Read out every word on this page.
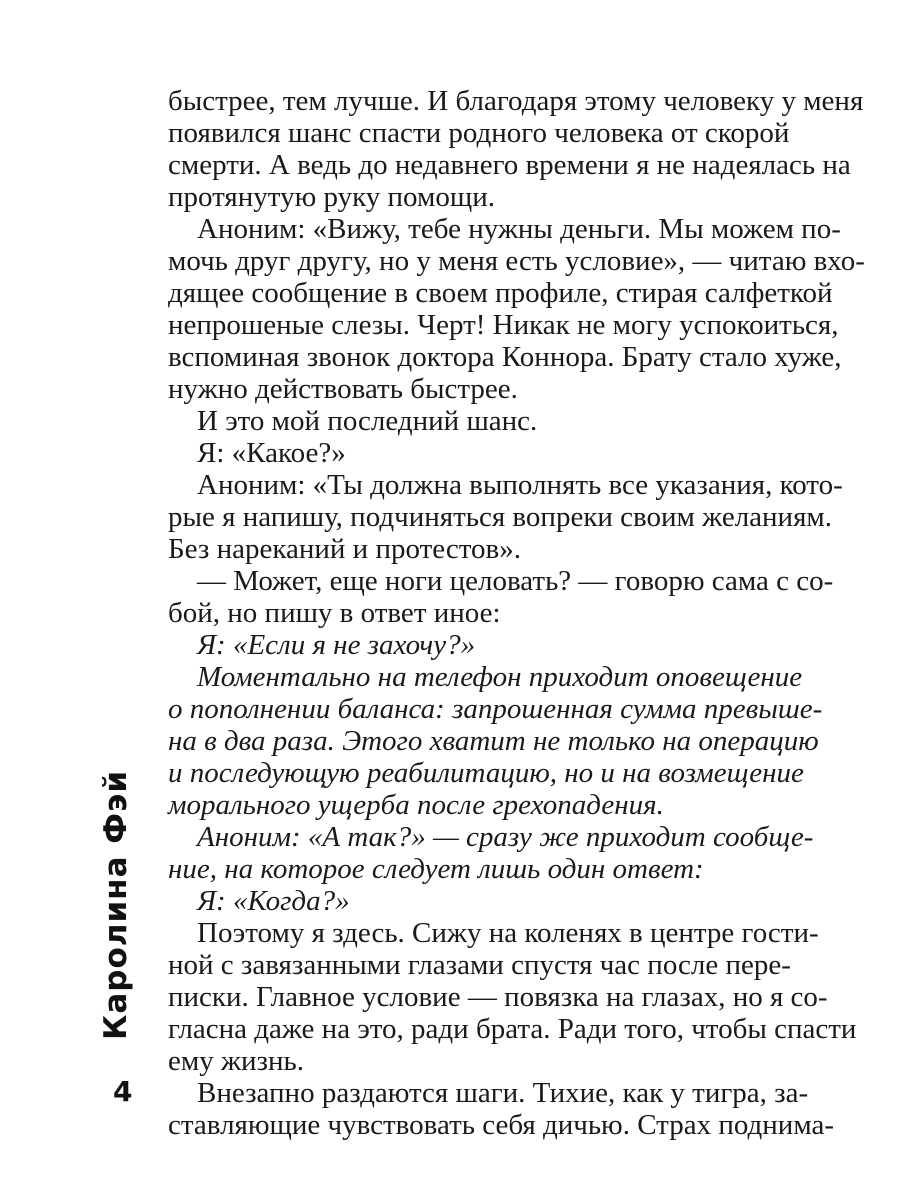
быстрее, тем лучше. И благодаря этому человеку у меня
появился шанс спасти родного человека от скорой
смерти. А ведь до недавнего времени я не надеялась на
протянутую руку помощи.
Аноним: «Вижу, тебе нужны деньги. Мы можем по-
мочь друг другу, но у меня есть условие», — читаю вхо-
дящее сообщение в своем профиле, стирая салфеткой
непрошеные слезы. Черт! Никак не могу успокоиться,
вспоминая звонок доктора Коннора. Брату стало хуже,
нужно действовать быстрее.
И это мой последний шанс.
Я: «Какое?»
Аноним: «Ты должна выполнять все указания, кото-
рые я напишу, подчиняться вопреки своим желаниям.
Без нареканий и протестов».
— Может, еще ноги целовать? — говорю сама с со-
бой, но пишу в ответ иное:
Я: «Если я не захочу?»
Моментально на телефон приходит оповещение
о пополнении баланса: запрошенная сумма превыше-
на в два раза. Этого хватит не только на операцию
и последующую реабилитацию, но и на возмещение
морального ущерба после грехопадения.
Аноним: «А так?» — сразу же приходит сообще-
ние, на которое следует лишь один ответ:
Я: «Когда?»
Поэтому я здесь. Сижу на коленях в центре гости-
ной с завязанными глазами спустя час после пере-
писки. Главное условие — повязка на глазах, но я со-
гласна даже на это, ради брата. Ради того, чтобы спасти
ему жизнь.
Внезапно раздаются шаги. Тихие, как у тигра, за-
ставляющие чувствовать себя дичью. Страх поднима-
Каролина Фэй
4
